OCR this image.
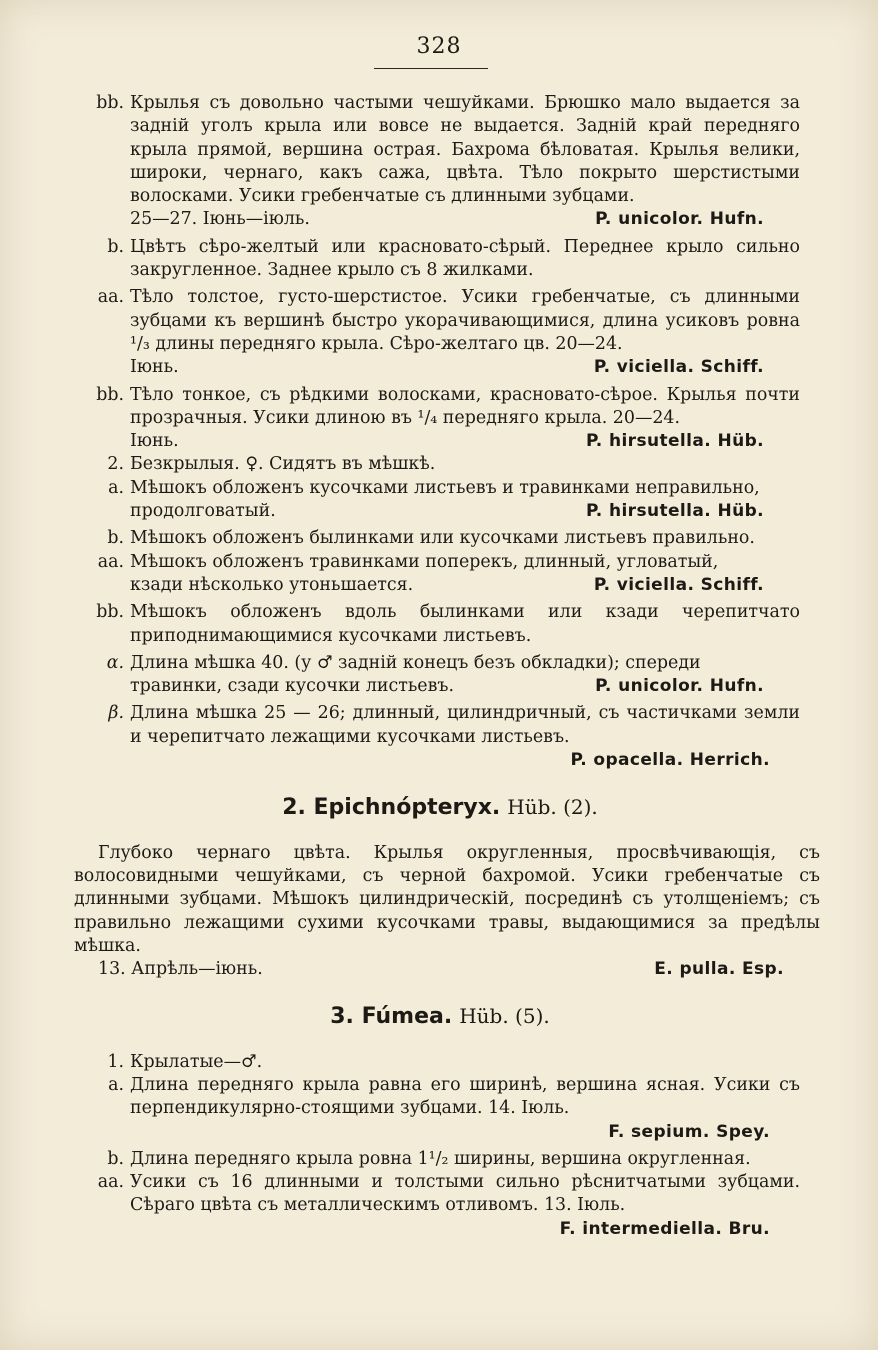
328
bb. Крылья съ довольно частыми чешуйками. Брюшко мало выдается за задній уголъ крыла или вовсе не выдается. Задній край передняго крыла прямой, вершина острая. Бахрома бѣловатая. Крылья велики, широки, чернаго, какъ сажа, цвѣта. Тѣло покрыто шерстистыми волосками. Усики гребенчатые съ длинными зубцами.
25—27. Іюнь—іюль.	P. unicolor. Hufn.
b. Цвѣтъ сѣро-желтый или красновато-сѣрый. Переднее крыло сильно закругленное. Заднее крыло съ 8 жилками.
aa. Тѣло толстое, густо-шерстистое. Усики гребенчатые, съ длинными зубцами къ вершинѣ быстро укорачивающимися, длина усиковъ ровна ¹/₃ длины передняго крыла. Сѣро-желтаго цв. 20—24.
Іюнь.	P. viciella. Schiff.
bb. Тѣло тонкое, съ рѣдкими волосками, красновато-сѣрое. Крылья почти прозрачныя. Усики длиною въ ¹/₄ передняго крыла. 20—24.
Іюнь.	P. hirsutella. Hüb.
2. Безкрылыя. ♀. Сидятъ въ мѣшкѣ.
a. Мѣшокъ обложенъ кусочками листьевъ и травинками неправильно,
продолговатый.	P. hirsutella. Hüb.
b. Мѣшокъ обложенъ былинками или кусочками листьевъ правильно.
aa. Мѣшокъ обложенъ травинками поперекъ, длинный, угловатый,
кзади нѣсколько утоньшается.	P. viciella. Schiff.
bb. Мѣшокъ обложенъ вдоль былинками или кзади черепитчато приподнимающимися кусочками листьевъ.
α. Длина мѣшка 40. (у ♂ задній конецъ безъ обкладки); спереди
травинки, сзади кусочки листьевъ.	P. unicolor. Hufn.
β. Длина мѣшка 25 — 26; длинный, цилиндричный, съ частичками земли и черепитчато лежащими кусочками листьевъ.
P. opacella. Herrich.
2. Epichnópteryx. Hüb. (2).
Глубоко чернаго цвѣта. Крылья округленныя, просвѣчивающія, съ волосовидными чешуйками, съ черной бахромой. Усики гребенчатые съ длинными зубцами. Мѣшокъ цилиндрическій, посрединѣ съ утолщеніемъ; съ правильно лежащими сухими кусочками травы, выдающимися за предѣлы мѣшка.
13. Апрѣль—іюнь.	E. pulla. Esp.
3. Fúmea. Hüb. (5).
1. Крылатые—♂.
a. Длина передняго крыла равна его ширинѣ, вершина ясная. Усики съ перпендикулярно-стоящими зубцами. 14. Іюль.
F. sepium. Spey.
b. Длина передняго крыла ровна 1¹/₂ ширины, вершина округленная.
aa. Усики съ 16 длинными и толстыми сильно рѣснитчатыми зубцами. Сѣраго цвѣта съ металлическимъ отливомъ. 13. Іюль.
F. intermediella. Bru.
